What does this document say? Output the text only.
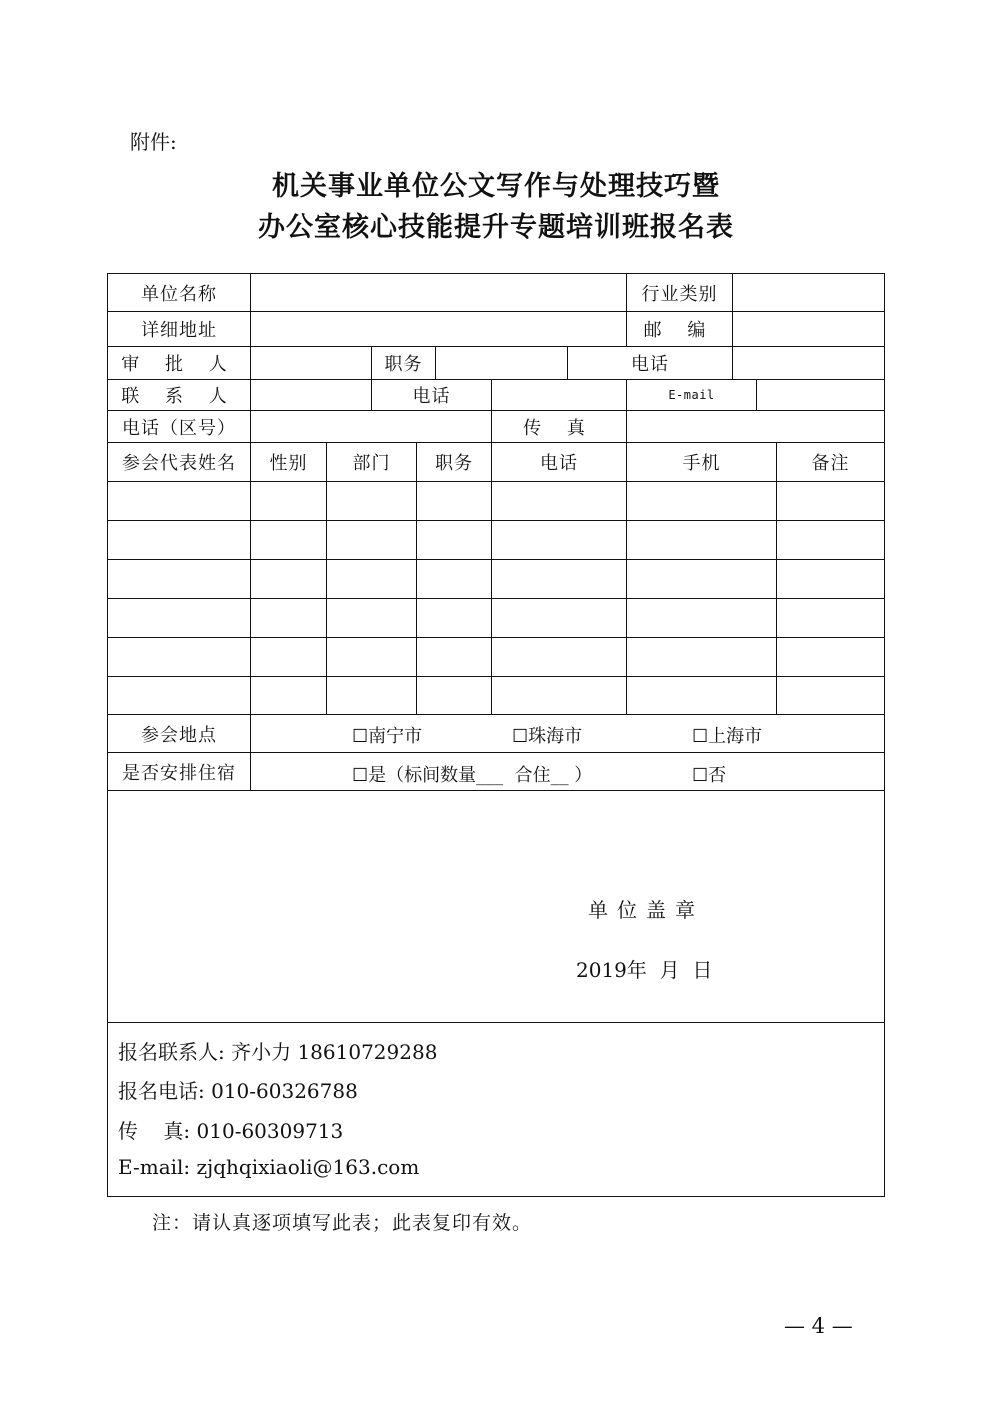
附件:
机关事业单位公文写作与处理技巧暨
办公室核心技能提升专题培训班报名表
单位名称	行业类别
详细地址	邮 编
审 批 人	职务	电话
联 系 人	电话	E-mail
电话（区号）	传 真
参会代表姓名	性别	部门	职务	电话	手机	备注
参会地点	☐南宁市	☐珠海市	☐上海市
是否安排住宿	☐是（标间数量___  合住__ ）	☐否
单位盖章
2019年  月  日
报名联系人: 齐小力 18610729288
报名电话: 010-60326788
传    真: 010-60309713
E-mail: zjqhqixiaoli@163.com
注：请认真逐项填写此表；此表复印有效。
— 4 —
